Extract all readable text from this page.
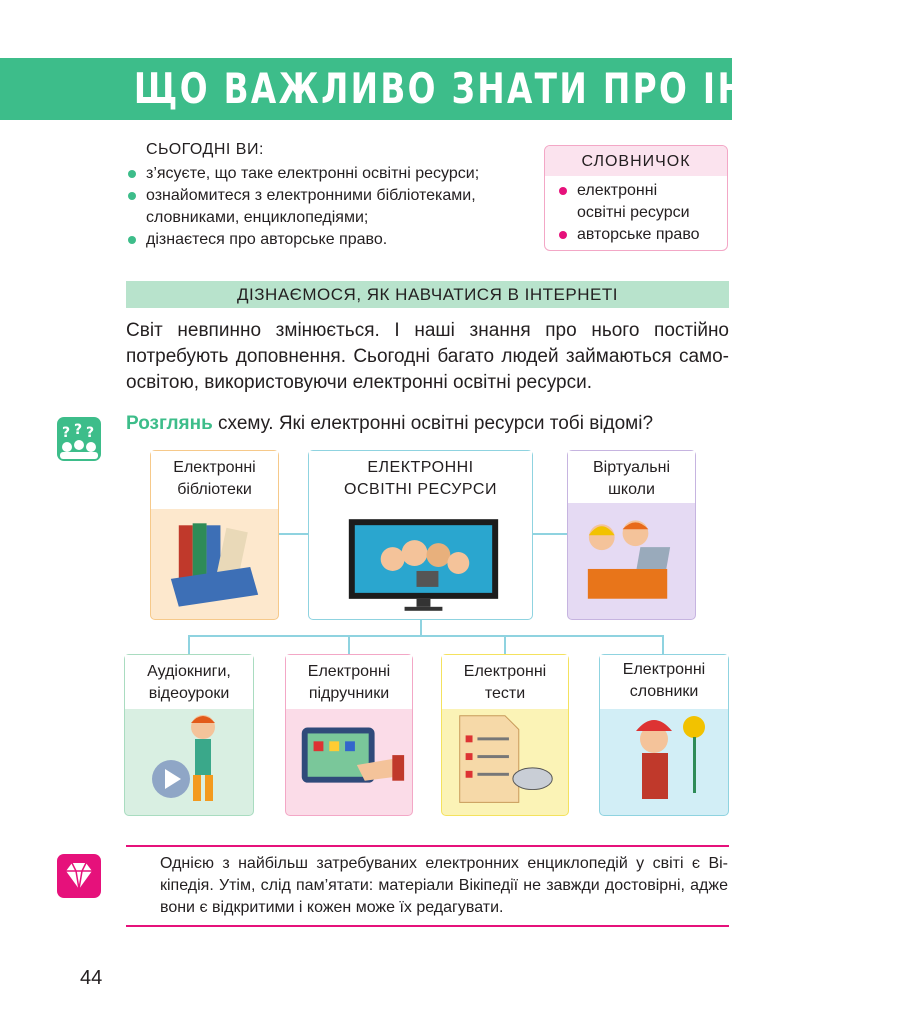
ЩО ВАЖЛИВО ЗНАТИ ПРО ІНТЕРНЕТ
СЬОГОДНІ ВИ:
з’ясуєте, що таке електронні освітні ресурси;
ознайомитеся з електронними бібліотеками, словниками, енциклопедіями;
дізнаєтеся про авторське право.
СЛОВНИЧОК
електронні освітні ресурси
авторське право
ДІЗНАЄМОСЯ, ЯК НАВЧАТИСЯ В ІНТЕРНЕТІ
Світ невпинно змінюється. І наші знання про нього постійно потребують доповнення. Сьогодні багато людей займаються самоосвітою, використовуючи електронні освітні ресурси.
? ? ? Розглянь схему. Які електронні освітні ресурси тобі відомі?
Електронні бібліотеки
ЕЛЕКТРОННІ ОСВІТНІ РЕСУРСИ
Віртуальні школи
Аудіокниги, відеоуроки
Електронні підручники
Електронні тести
Електронні словники
Однією з найбільш затребуваних електронних енциклопедій у світі є Вікіпедія. Утім, слід пам’ятати: матеріали Вікіпедії не завжди достовірні, адже вони є відкритими і кожен може їх редагувати.
44
